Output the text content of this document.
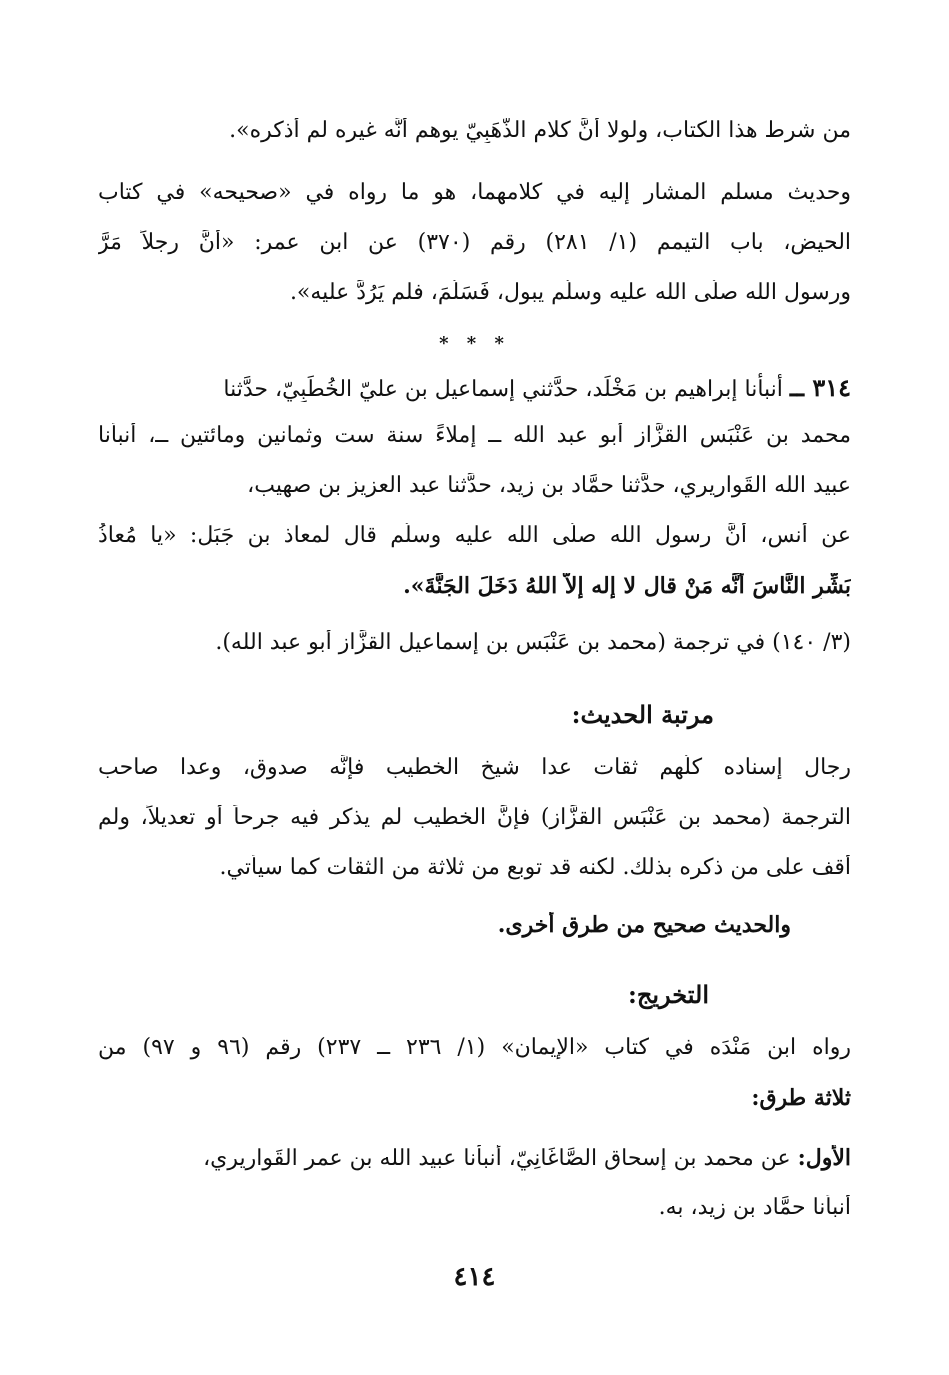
من شرط هذا الكتاب، ولولا أنَّ كلام الذَّهَبِيّ يوهم أنَّه غيره لم أذكره».
وحديث مسلم المشار إليه في كلامهما، هو ما رواه في «صحيحه» في كتاب
الحيض، باب التيمم (١/ ٢٨١) رقم (٣٧٠) عن ابن عمر: «أنَّ رجلاً مَرَّ
ورسول الله صلَّى الله عليه وسلَّم يبول، فَسَلَّمَ، فلم يَرُدَّ عليه».
* * *
٣١٤ ــ أنبأنا إبراهيم بن مَخْلَد، حدَّثني إسماعيل بن عليّ الخُطَبِيّ، حدَّثنا
محمد بن عَنْبَس القزَّاز أبو عبد الله ــ إملاءً سنة ست وثمانين ومائتين ــ، أنبأنا
عبيد الله القَواريري، حدَّثنا حمَّاد بن زيد، حدَّثنا عبد العزيز بن صهيب،
عن أنس، أنَّ رسول الله صلَّى الله عليه وسلَّم قال لمعاذ بن جَبَل: «يا مُعاذُ
بَشِّرِ النَّاسَ أنَّه مَنْ قال لا إله إلاَّ اللهُ دَخَلَ الجَنَّةَ».
(٣/ ١٤٠) في ترجمة (محمد بن عَنْبَس بن إسماعيل القزَّاز أبو عبد الله).
مرتبة الحديث:
رجال إسناده كلّهم ثقات عدا شيخ الخطيب فإنَّه صدوق، وعدا صاحب
الترجمة (محمد بن عَنْبَس القزَّاز) فإنَّ الخطيب لم يذكر فيه جرحاً أو تعديلاً، ولم
أقف على من ذكره بذلك. لكنه قد توبع من ثلاثة من الثقات كما سيأتي.
والحديث صحيح من طرق أخرى.
التخريج:
رواه ابن مَنْدَه في كتاب «الإيمان» (١/ ٢٣٦ ــ ٢٣٧) رقم (٩٦ و ٩٧) من
ثلاثة طرق:
الأول: عن محمد بن إسحاق الصَّاغَانِيّ، أنبأنا عبيد الله بن عمر القَواريري،
أنبأنا حمَّاد بن زيد، به.
٤١٤
